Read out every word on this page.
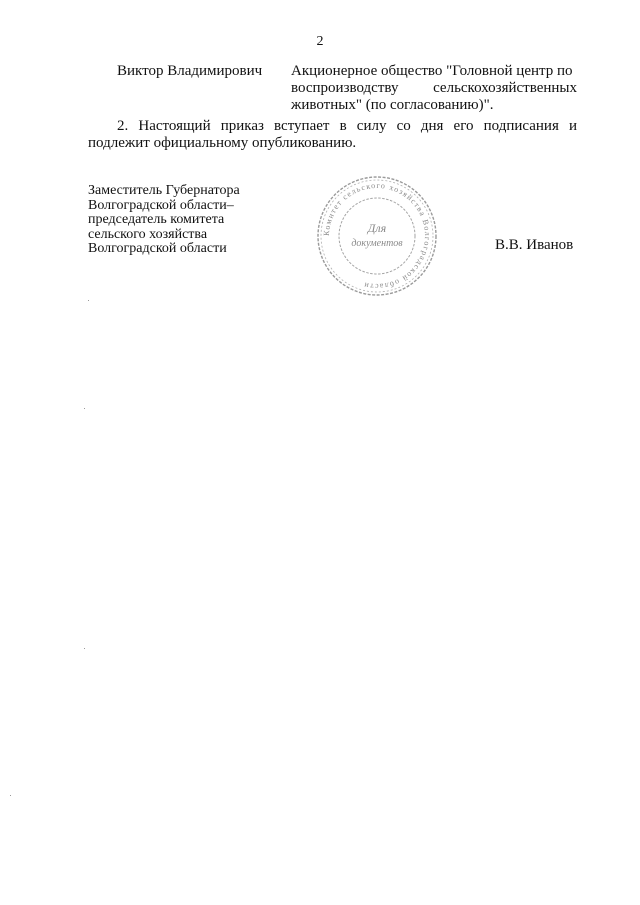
2
Виктор Владимирович Акционерное общество "Головной центр по
воспроизводству сельскохозяйственных
животных" (по согласованию)".
2. Настоящий приказ вступает в силу со дня его подписания и подлежит официальному опубликованию.
Заместитель Губернатора
Волгоградской области–
председатель комитета
сельского хозяйства
Волгоградской области
Комитет сельского хозяйства Волгоградской области
Для
документов	В.В. Иванов
